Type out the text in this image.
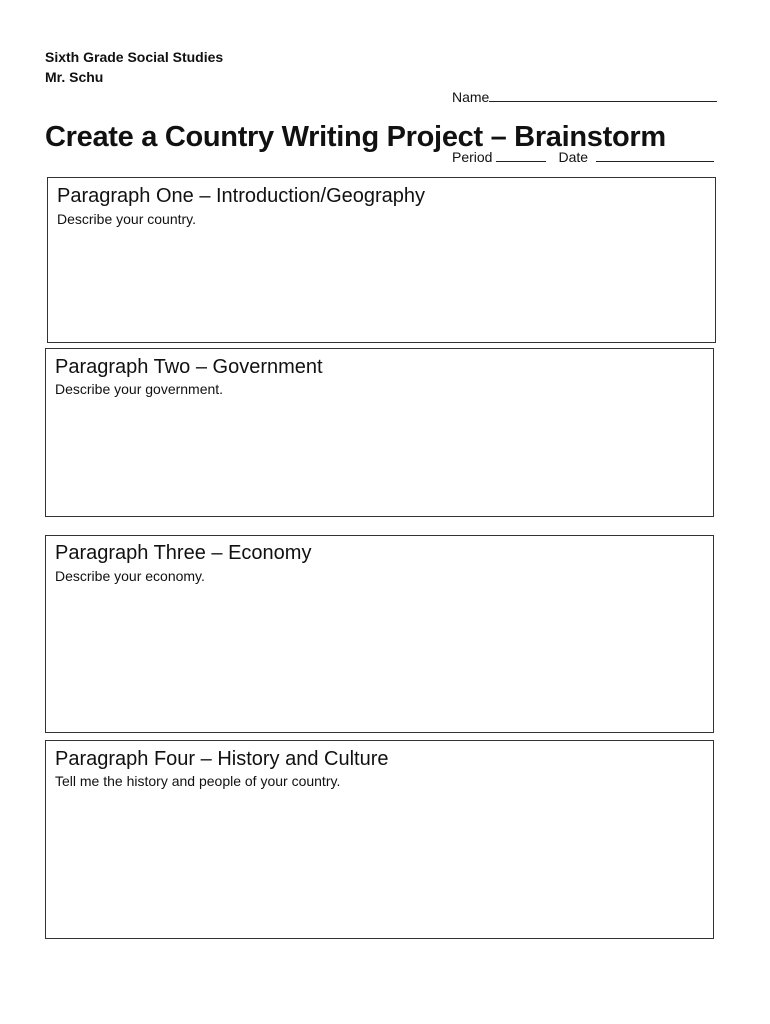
Sixth Grade Social Studies
Mr. Schu

Name

Period	Date

Create a Country Writing Project – Brainstorm
Paragraph One – Introduction/Geography
Describe your country.
Paragraph Two – Government
Describe your government.
Paragraph Three – Economy
Describe your economy.
Paragraph Four – History and Culture
Tell me the history and people of your country.
